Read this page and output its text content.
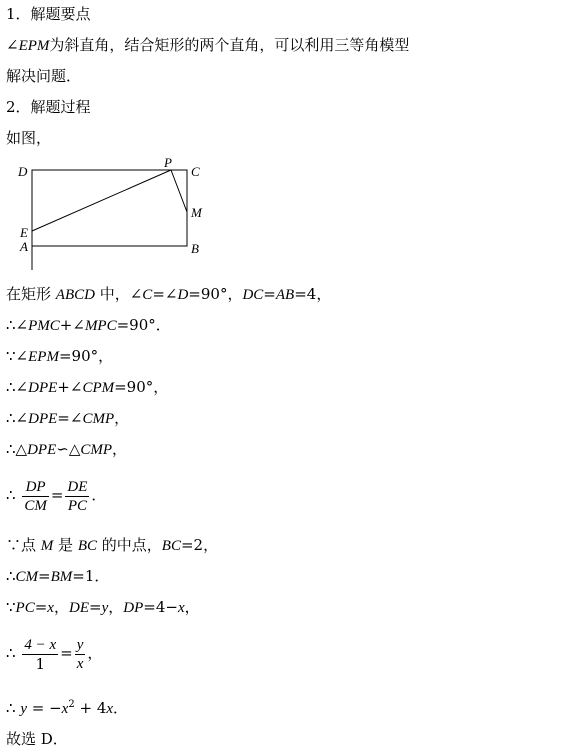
1．解题要点
∠EPM为斜直角，结合矩形的两个直角，可以利用三等角模型
解决问题．
2．解题过程
如图，
D
P
C
M
E
A	B
在矩形 ABCD 中，∠C=∠D=90°，DC=AB=4，
∴∠PMC+∠MPC=90°．
∵∠EPM=90°，
∴∠DPE+∠CPM=90°，
∴∠DPE=∠CMP，
∴△DPE∽△CMP，
∴ $\frac{DP}{CM} = \frac{DE}{PC}$ ．
∵点 M 是 BC 的中点，BC=2，
∴CM=BM=1．
∵PC=x，DE=y，DP=4−x，
∴ $\frac{4 - x}{1} = \frac{y}{x}$ ，
∴ $y = -x^2 + 4x$．
故选 D．
